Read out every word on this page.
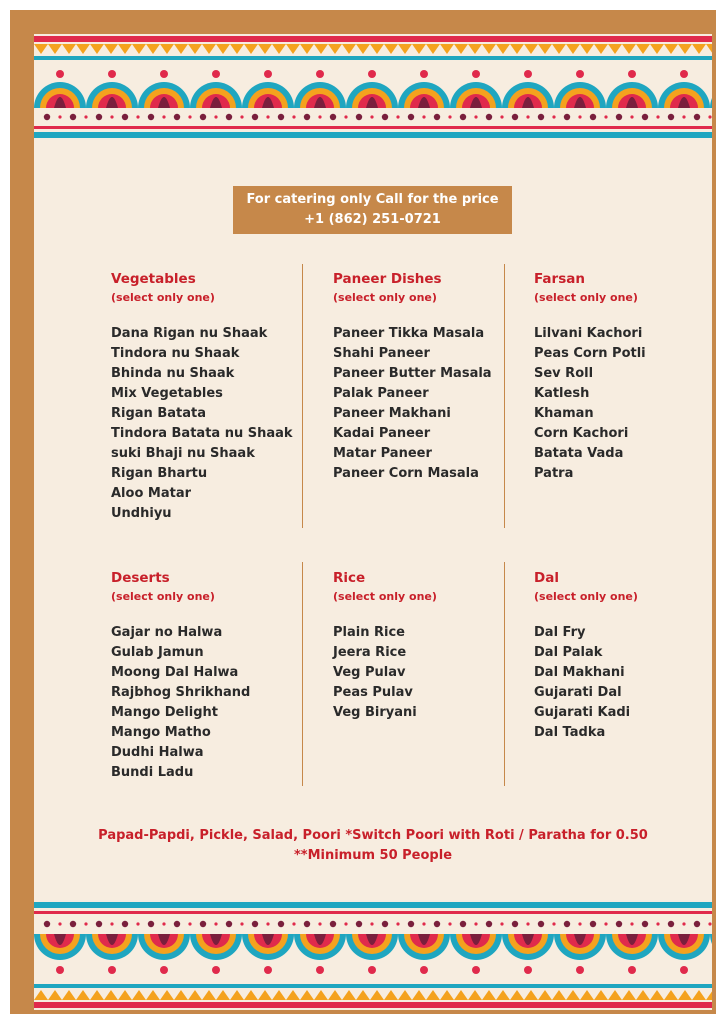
For catering only Call for the price
+1 (862) 251-0721

Vegetables

(select only one)

Dana Rigan nu Shaak
Tindora nu Shaak
Bhinda nu Shaak
Mix Vegetables
Rigan Batata
Tindora Batata nu Shaak
suki Bhaji nu Shaak
Rigan Bhartu
Aloo Matar
Undhiyu

Paneer Dishes

(select only one)

Paneer Tikka Masala
Shahi Paneer
Paneer Butter Masala
Palak Paneer
Paneer Makhani
Kadai Paneer
Matar Paneer
Paneer Corn Masala

Farsan

(select only one)

Lilvani Kachori
Peas Corn Potli
Sev Roll
Katlesh
Khaman
Corn Kachori
Batata Vada
Patra

Deserts

(select only one)

Gajar no Halwa
Gulab Jamun
Moong Dal Halwa
Rajbhog Shrikhand
Mango Delight
Mango Matho
Dudhi Halwa
Bundi Ladu

Rice

(select only one)

Plain Rice
Jeera Rice
Veg Pulav
Peas Pulav
Veg Biryani

Dal

(select only one)

Dal Fry
Dal Palak
Dal Makhani
Gujarati Dal
Gujarati Kadi
Dal Tadka
Papad-Papdi, Pickle, Salad, Poori *Switch Poori with Roti / Paratha for 0.50
**Minimum 50 People
